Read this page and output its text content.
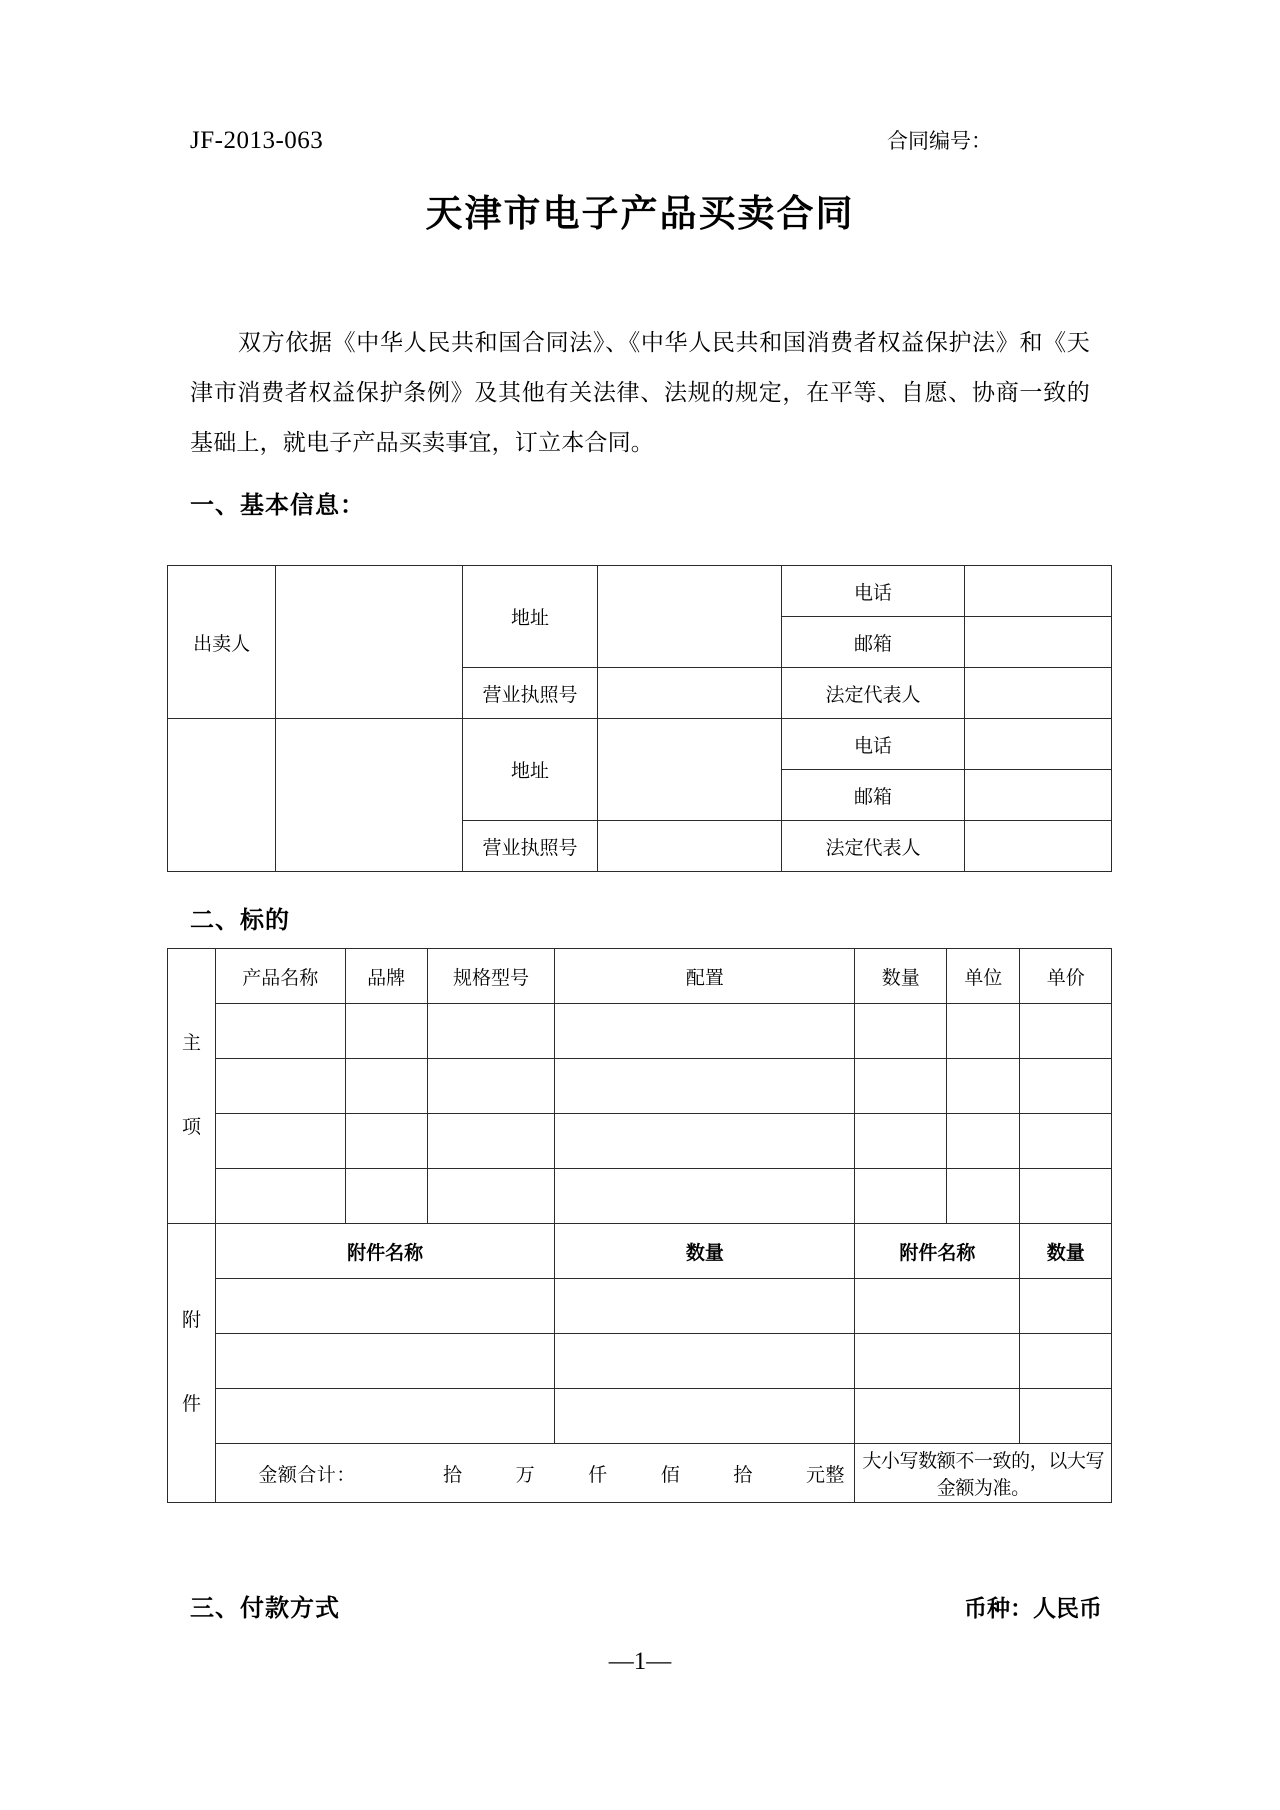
JF-2013-063	合同编号：
天津市电子产品买卖合同
双方依据《中华人民共和国合同法》、《中华人民共和国消费者权益保护法》和《天津市消费者权益保护条例》及其他有关法律、法规的规定，在平等、自愿、协商一致的基础上，就电子产品买卖事宜，订立本合同。
一、基本信息：
出卖人		地址		电话	
				邮箱	
		营业执照号		法定代表人	
		地址		电话	
				邮箱	
		营业执照号		法定代表人	
二、标的
主
项	产品名称	品牌	规格型号	配置	数量	单位	单价

附
件	附件名称			数量	附件名称		数量

	金额合计： 拾 万 仟 佰 拾 元整				大小写数额不一致的，以大写金额为准。		
三、付款方式	币种：人民币
—1—
